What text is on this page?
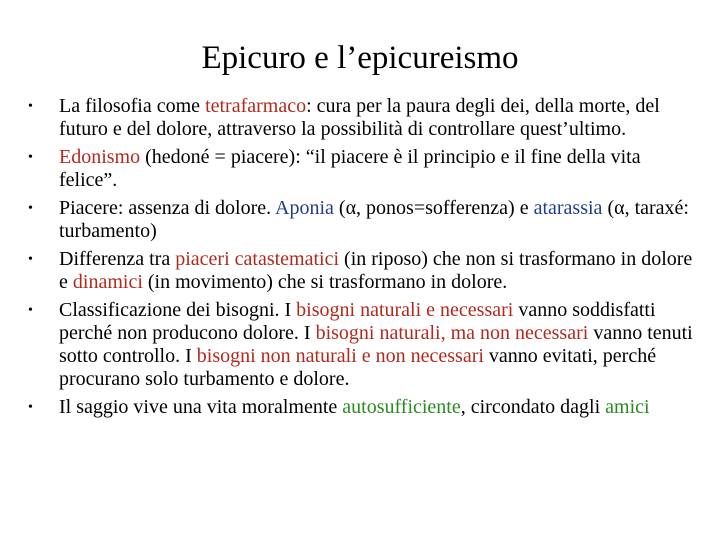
Epicuro e l’epicureismo
• La filosofia come tetrafarmaco: cura per la paura degli dei, della morte, del futuro e del dolore, attraverso la possibilità di controllare quest’ultimo.
• Edonismo (hedoné = piacere): “il piacere è il principio e il fine della vita felice”.
• Piacere: assenza di dolore. Aponia (α, ponos=sofferenza) e atarassia (α, taraxé: turbamento)
• Differenza tra piaceri catastematici (in riposo) che non si trasformano in dolore e dinamici (in movimento) che si trasformano in dolore.
• Classificazione dei bisogni. I bisogni naturali e necessari vanno soddisfatti perché non producono dolore. I bisogni naturali, ma non necessari vanno tenuti sotto controllo. I bisogni non naturali e non necessari vanno evitati, perché procurano solo turbamento e dolore.
• Il saggio vive una vita moralmente autosufficiente, circondato dagli amici
